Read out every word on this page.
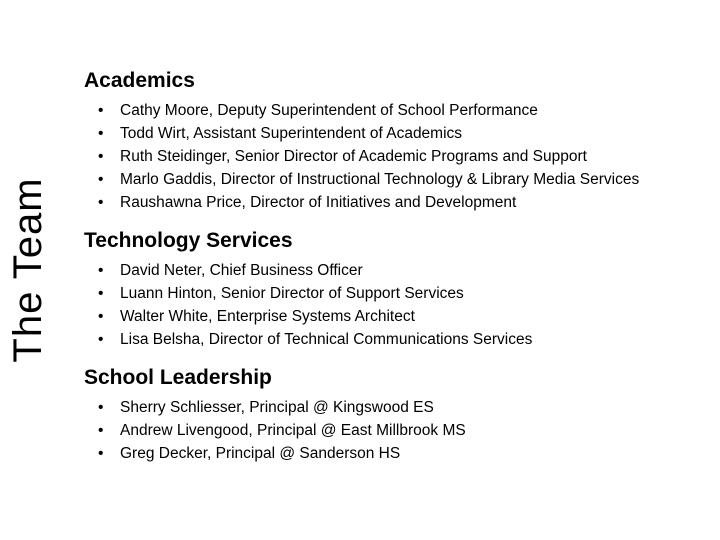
The Team
Academics
• Cathy Moore, Deputy Superintendent of School Performance
• Todd Wirt, Assistant Superintendent of Academics
• Ruth Steidinger, Senior Director of Academic Programs and Support
• Marlo Gaddis, Director of Instructional Technology & Library Media Services
• Raushawna Price, Director of Initiatives and Development
Technology Services
• David Neter, Chief Business Officer
• Luann Hinton, Senior Director of Support Services
• Walter White, Enterprise Systems Architect
• Lisa Belsha, Director of Technical Communications Services
School Leadership
• Sherry Schliesser, Principal @ Kingswood ES
• Andrew Livengood, Principal @ East Millbrook MS
• Greg Decker, Principal @ Sanderson HS
